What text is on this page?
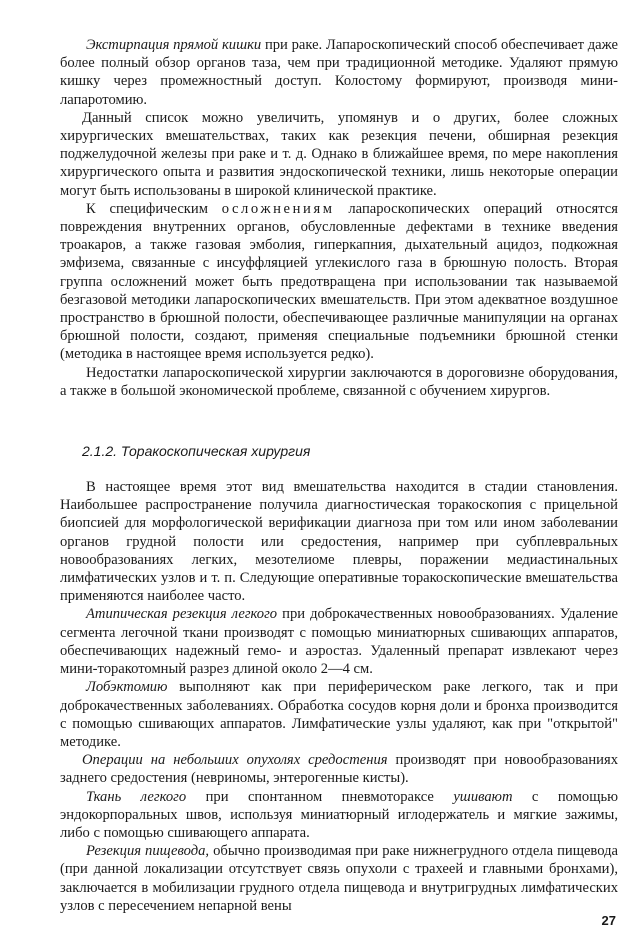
Экстирпация прямой кишки при раке. Лапароскопический способ обеспечивает даже более полный обзор органов таза, чем при традиционной методике. Удаляют прямую кишку через промежностный доступ. Колостому формируют, производя мини-лапаротомию.

Данный список можно увеличить, упомянув и о других, более сложных хирургических вмешательствах, таких как резекция печени, обширная резекция поджелудочной железы при раке и т. д. Однако в ближайшее время, по мере накопления хирургического опыта и развития эндоскопической техники, лишь некоторые операции могут быть использованы в широкой клинической практике.

К специфическим осложнениям лапароскопических операций относятся повреждения внутренних органов, обусловленные дефектами в технике введения троакаров, а также газовая эмболия, гиперкапния, дыхательный ацидоз, подкожная эмфизема, связанные с инсуффляцией углекислого газа в брюшную полость. Вторая группа осложнений может быть предотвращена при использовании так называемой безгазовой методики лапароскопических вмешательств. При этом адекватное воздушное пространство в брюшной полости, обеспечивающее различные манипуляции на органах брюшной полости, создают, применяя специальные подъемники брюшной стенки (методика в настоящее время используется редко).

Недостатки лапароскопической хирургии заключаются в дороговизне оборудования, а также в большой экономической проблеме, связанной с обучением хирургов.

2.1.2. Торакоскопическая хирургия

В настоящее время этот вид вмешательства находится в стадии становления. Наибольшее распространение получила диагностическая торакоскопия с прицельной биопсией для морфологической верификации диагноза при том или ином заболевании органов грудной полости или средостения, например при субплевральных новообразованиях легких, мезотелиоме плевры, поражении медиастинальных лимфатических узлов и т. п. Следующие оперативные торакоскопические вмешательства применяются наиболее часто.

Атипическая резекция легкого при доброкачественных новообразованиях. Удаление сегмента легочной ткани производят с помощью миниатюрных сшивающих аппаратов, обеспечивающих надежный гемо- и аэростаз. Удаленный препарат извлекают через мини-торакотомный разрез длиной около 2—4 см.

Лобэктомию выполняют как при периферическом раке легкого, так и при доброкачественных заболеваниях. Обработка сосудов корня доли и бронха производится с помощью сшивающих аппаратов. Лимфатические узлы удаляют, как при "открытой" методике.

Операции на небольших опухолях средостения производят при новообразованиях заднего средостения (невриномы, энтерогенные кисты).

Ткань легкого при спонтанном пневмотораксе ушивают с помощью эндокорпоральных швов, используя миниатюрный иглодержатель и мягкие зажимы, либо с помощью сшивающего аппарата.

Резекция пищевода, обычно производимая при раке нижнегрудного отдела пищевода (при данной локализации отсутствует связь опухоли с трахеей и главными бронхами), заключается в мобилизации грудного отдела пищевода и внутригрудных лимфатических узлов с пересечением непарной вены

27
